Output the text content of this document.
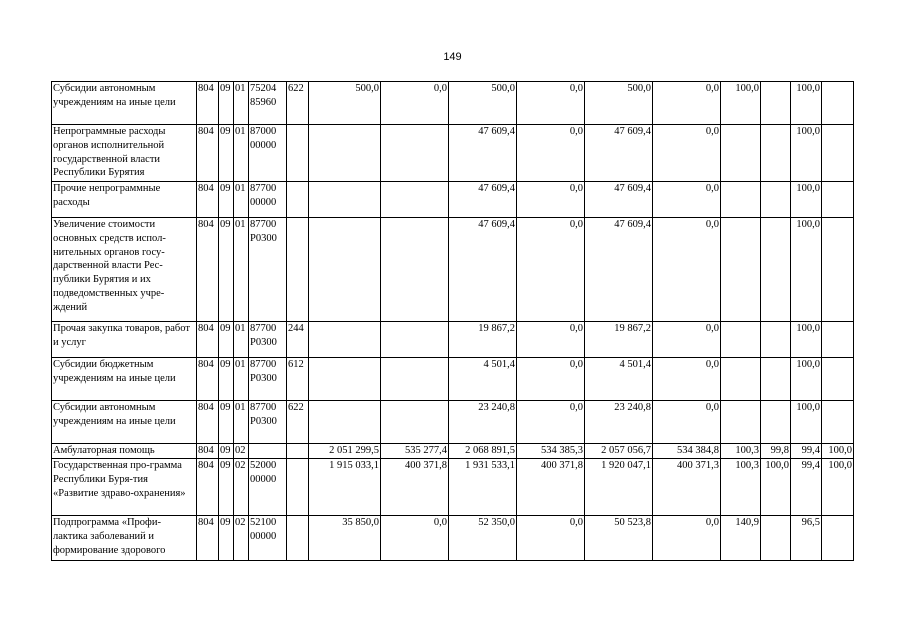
149
Субсидии автономным учреждениям на иные цели	804	09	01	75204 85960	622	500,0	0,0	500,0	0,0	500,0	0,0	100,0		100,0	
Непрограммные расходы органов исполнительной государственной власти Республики Бурятия	804	09	01	87000 00000				47 609,4	0,0	47 609,4	0,0			100,0	
Прочие непрограммные расходы	804	09	01	87700 00000				47 609,4	0,0	47 609,4	0,0			100,0	
Увеличение стоимости основных средств испол-нительных органов госу-дарственной власти Рес-публики Бурятия и их подведомственных учре-ждений	804	09	01	87700 Р0300				47 609,4	0,0	47 609,4	0,0			100,0	
Прочая закупка товаров, работ и услуг	804	09	01	87700 Р0300	244			19 867,2	0,0	19 867,2	0,0			100,0	
Субсидии бюджетным учреждениям на иные цели	804	09	01	87700 Р0300	612			4 501,4	0,0	4 501,4	0,0			100,0	
Субсидии автономным учреждениям на иные цели	804	09	01	87700 Р0300	622			23 240,8	0,0	23 240,8	0,0			100,0	
Амбулаторная помощь	804	09	02			2 051 299,5	535 277,4	2 068 891,5	534 385,3	2 057 056,7	534 384,8	100,3	99,8	99,4	100,0
Государственная про-грамма Республики Буря-тия «Развитие здраво-охранения»	804	09	02	52000 00000		1 915 033,1	400 371,8	1 931 533,1	400 371,8	1 920 047,1	400 371,3	100,3	100,0	99,4	100,0
Подпрограмма «Профи-лактика заболеваний и формирование здорового	804	09	02	52100 00000		35 850,0	0,0	52 350,0	0,0	50 523,8	0,0	140,9		96,5	
